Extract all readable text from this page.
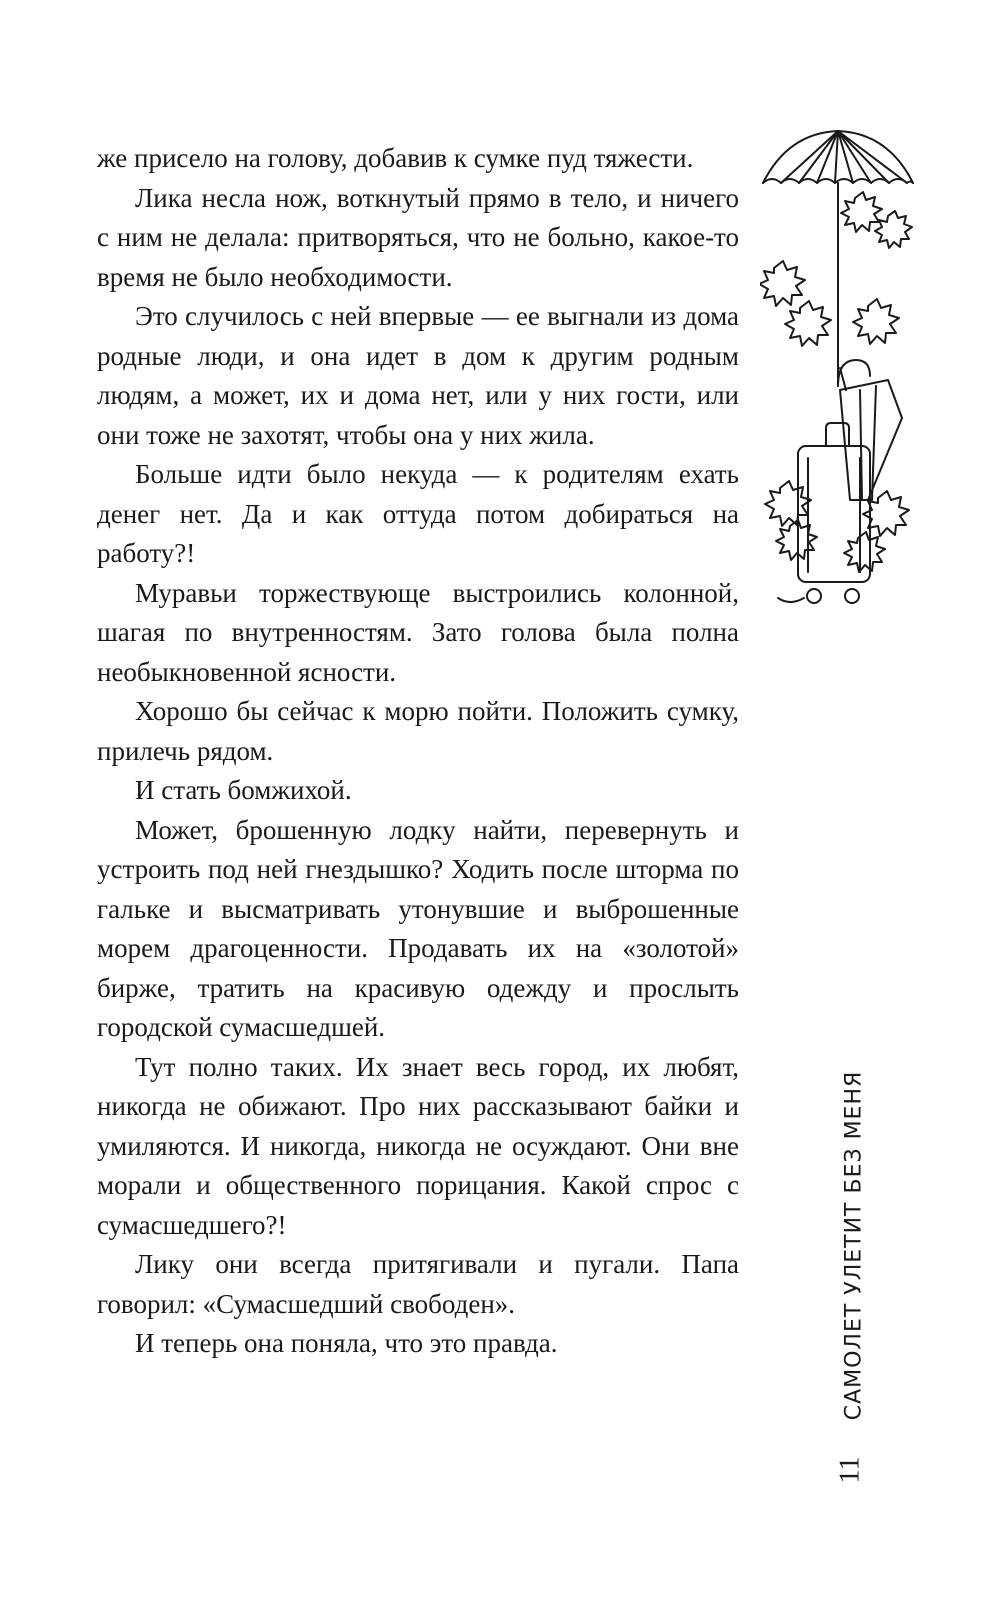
же присело на голову, добавив к сумке пуд тяжести.

Лика несла нож, воткнутый прямо в тело, и ничего с ним не делала: притворяться, что не больно, какое-то время не было необходимости.

Это случилось с ней впервые — ее выгнали из дома родные люди, и она идет в дом к другим родным людям, а может, их и дома нет, или у них гости, или они тоже не захотят, чтобы она у них жила.

Больше идти было некуда — к родителям ехать денег нет. Да и как оттуда потом добираться на работу?!

Муравьи торжествующе выстроились колонной, шагая по внутренностям. Зато голова была полна необыкновенной ясности.

Хорошо бы сейчас к морю пойти. Положить сумку, прилечь рядом.

И стать бомжихой.

Может, брошенную лодку найти, перевернуть и устроить под ней гнездышко? Ходить после шторма по гальке и высматривать утонувшие и выброшенные морем драгоценности. Продавать их на «золотой» бирже, тратить на красивую одежду и прослыть городской сумасшедшей.

Тут полно таких. Их знает весь город, их любят, никогда не обижают. Про них рассказывают байки и умиляются. И никогда, никогда не осуждают. Они вне морали и общественного порицания. Какой спрос с сумасшедшего?!

Лику они всегда притягивали и пугали. Папа говорил: «Сумасшедший свободен».

И теперь она поняла, что это правда.	САМОЛЕТ УЛЕТИТ БЕЗ МЕНЯ
11
